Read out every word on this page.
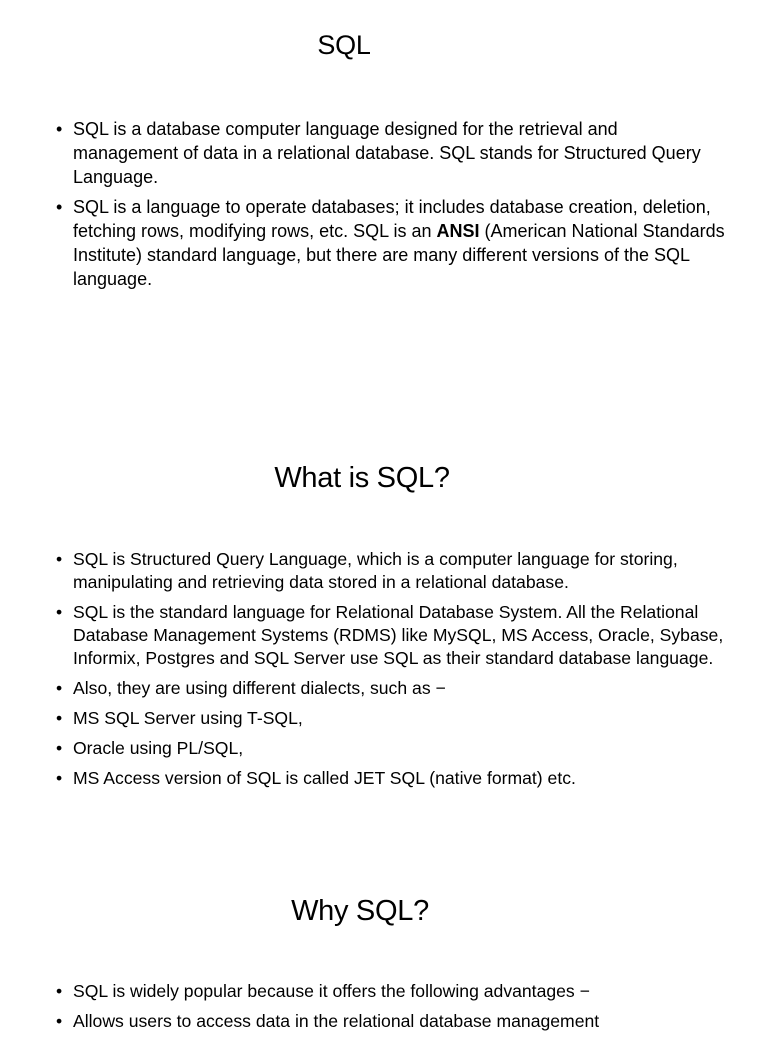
SQL
• SQL is a database computer language designed for the retrieval and management of data in a relational database. SQL stands for Structured Query Language.
• SQL is a language to operate databases; it includes database creation, deletion, fetching rows, modifying rows, etc. SQL is an ANSI (American National Standards Institute) standard language, but there are many different versions of the SQL language.
What is SQL?
• SQL is Structured Query Language, which is a computer language for storing, manipulating and retrieving data stored in a relational database.
• SQL is the standard language for Relational Database System. All the Relational Database Management Systems (RDMS) like MySQL, MS Access, Oracle, Sybase, Informix, Postgres and SQL Server use SQL as their standard database language.
• Also, they are using different dialects, such as −
• MS SQL Server using T-SQL,
• Oracle using PL/SQL,
• MS Access version of SQL is called JET SQL (native format) etc.
Why SQL?
• SQL is widely popular because it offers the following advantages −
• Allows users to access data in the relational database management
